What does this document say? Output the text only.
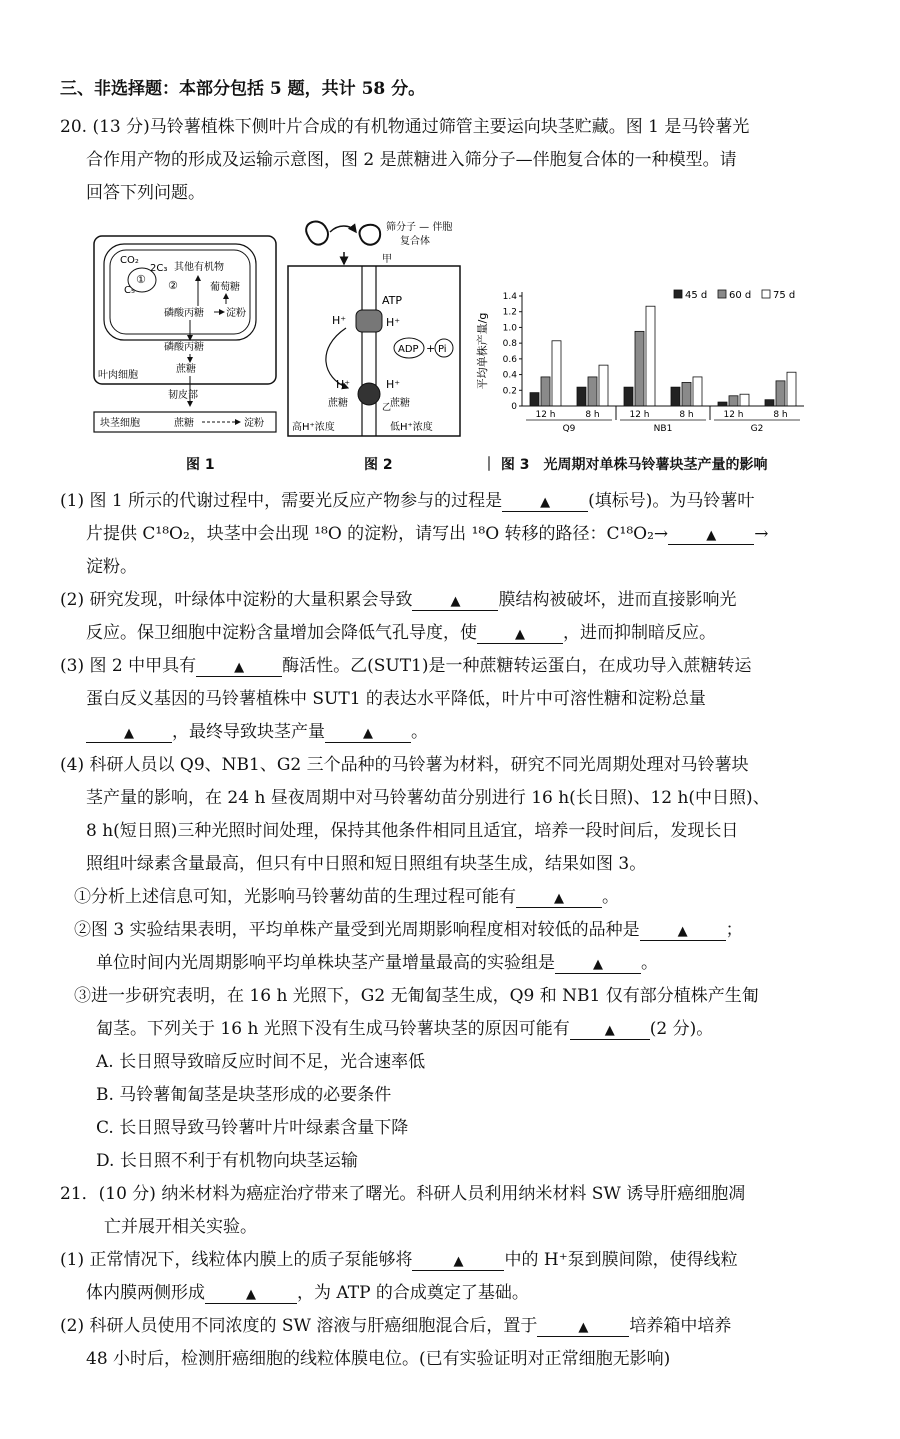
三、非选择题：本部分包括 5 题，共计 58 分。
20. (13 分)马铃薯植株下侧叶片合成的有机物通过筛管主要运向块茎贮藏。图 1 是马铃薯光
合作用产物的形成及运输示意图，图 2 是蔗糖进入筛分子—伴胞复合体的一种模型。请
回答下列问题。
CO₂
2C₃
C₅
① ②
其他有机物
葡萄糖
磷酸丙糖 淀粉
磷酸丙糖
蔗糖
叶肉细胞
韧皮部
块茎细胞	蔗糖	淀粉
图 1
筛分子 — 伴胞
复合体
甲
ATP
H⁺	H⁺
ADP + Pi
H⁺	H⁺
乙
蔗糖	蔗糖
高H⁺浓度	低H⁺浓度
图 2
平均单株产量/g
0
0.2
0.4
0.6
0.8
1.0
1.2
1.4
12 h	8 h	12 h	8 h	12 h	8 h
Q9	NB1	G2
45 d 60 d 75 d
｜ 图 3　光周期对单株马铃薯块茎产量的影响
(1) 图 1 所示的代谢过程中，需要光反应产物参与的过程是	▲ (填标号)。为马铃薯叶
片提供 C¹⁸O₂，块茎中会出现 ¹⁸O 的淀粉，请写出 ¹⁸O 转移的路径：C¹⁸O₂→	▲ →
淀粉。
(2) 研究发现，叶绿体中淀粉的大量积累会导致	▲ 膜结构被破坏，进而直接影响光
反应。保卫细胞中淀粉含量增加会降低气孔导度，使	▲ ，进而抑制暗反应。
(3) 图 2 中甲具有	▲ 酶活性。乙(SUT1)是一种蔗糖转运蛋白，在成功导入蔗糖转运
蛋白反义基因的马铃薯植株中 SUT1 的表达水平降低，叶片中可溶性糖和淀粉总量
▲ ，最终导致块茎产量	▲ 。
(4) 科研人员以 Q9、NB1、G2 三个品种的马铃薯为材料，研究不同光周期处理对马铃薯块
茎产量的影响，在 24 h 昼夜周期中对马铃薯幼苗分别进行 16 h(长日照)、12 h(中日照)、
8 h(短日照)三种光照时间处理，保持其他条件相同且适宜，培养一段时间后，发现长日
照组叶绿素含量最高，但只有中日照和短日照组有块茎生成，结果如图 3。
①分析上述信息可知，光影响马铃薯幼苗的生理过程可能有	▲ 。
②图 3 实验结果表明，平均单株产量受到光周期影响程度相对较低的品种是	▲ ；
单位时间内光周期影响平均单株块茎产量增量最高的实验组是	▲ 。
③进一步研究表明，在 16 h 光照下，G2 无匍匐茎生成，Q9 和 NB1 仅有部分植株产生匍
匐茎。下列关于 16 h 光照下没有生成马铃薯块茎的原因可能有	▲ (2 分)。
A. 长日照导致暗反应时间不足，光合速率低
B. 马铃薯匍匐茎是块茎形成的必要条件
C. 长日照导致马铃薯叶片叶绿素含量下降
D. 长日照不利于有机物向块茎运输
21．(10 分) 纳米材料为癌症治疗带来了曙光。科研人员利用纳米材料 SW 诱导肝癌细胞凋
亡并展开相关实验。
(1) 正常情况下，线粒体内膜上的质子泵能够将	▲ 中的 H⁺泵到膜间隙，使得线粒
体内膜两侧形成	▲ ，为 ATP 的合成奠定了基础。
(2) 科研人员使用不同浓度的 SW 溶液与肝癌细胞混合后，置于	▲ 培养箱中培养
48 小时后，检测肝癌细胞的线粒体膜电位。(已有实验证明对正常细胞无影响)
